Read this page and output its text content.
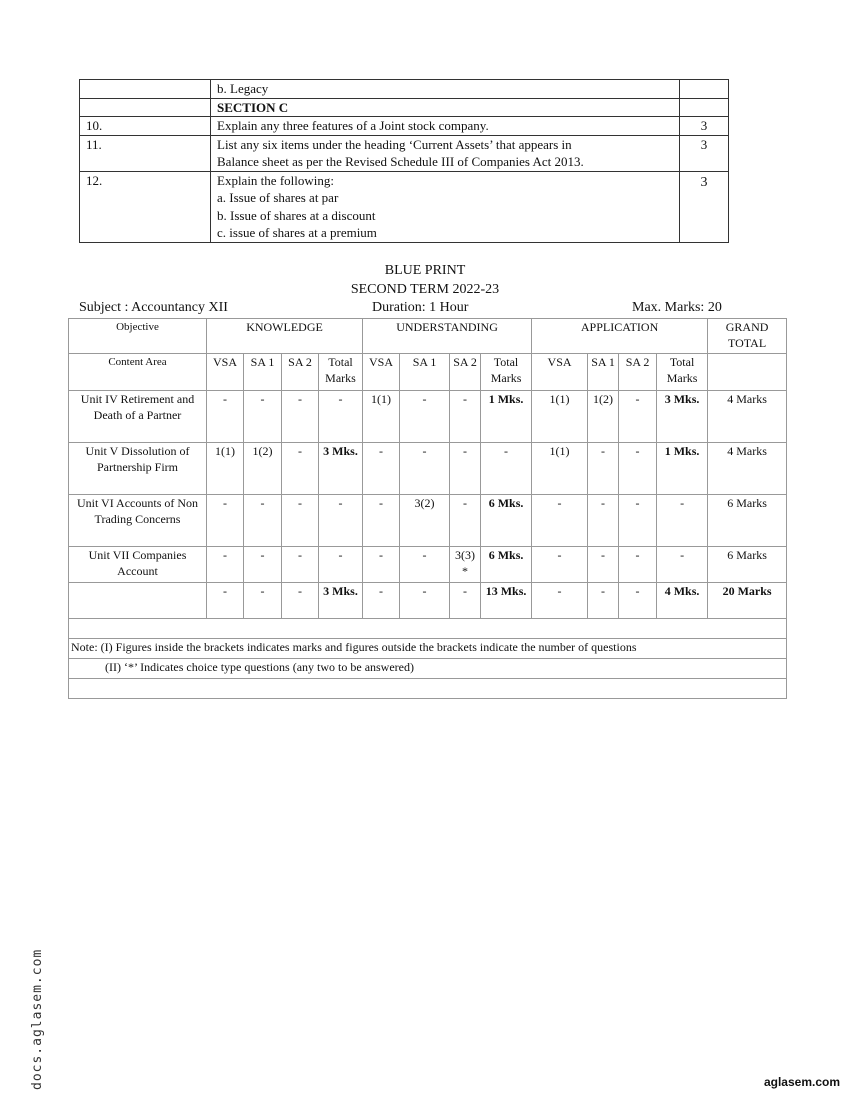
	b. Legacy	

	SECTION C	

10.	Explain any three features of a Joint stock company.	3
11.	List any six items under the heading ‘Current Assets’ that appears in
Balance sheet as per the Revised Schedule III of Companies Act 2013.	3
12.	Explain the following:
a. Issue of shares at par
b. Issue of shares at a discount
c. issue of shares at a premium	3
BLUE PRINT
SECOND TERM 2022-23
Subject : Accountancy XII	Duration: 1 Hour	Max. Marks: 20
Objective	KNOWLEDGE				UNDERSTANDING				APPLICATION				GRAND TOTAL
Content Area	VSA	SA 1	SA 2	Total Marks	VSA	SA 1	SA 2	Total Marks	VSA	SA 1	SA 2	Total Marks	
Unit IV Retirement and Death of a Partner	-	-	-	-	1(1)	-	-	1 Mks.	1(1)	1(2)	-	3 Mks.	4 Marks
Unit V Dissolution of Partnership Firm	1(1)	1(2)	-	3 Mks.	-	-	-	-	1(1)	-	-	1 Mks.	4 Marks
Unit VI Accounts of Non Trading Concerns	-	-	-	-	-	3(2)	-	6 Mks.	-	-	-	-	6 Marks
Unit VII Companies Account	-	-	-	-	-	-	3(3) *	6 Mks.	-	-	-	-	6 Marks
	-	-	-	3 Mks.	-	-	-	13 Mks.	-	-	-	4 Mks.	20 Marks

Note: (I) Figures inside the brackets indicates marks and figures outside the brackets indicate the number of questions													
(II) ‘*’ Indicates choice type questions (any two to be answered)													

docs.aglasem.com	aglasem.com
